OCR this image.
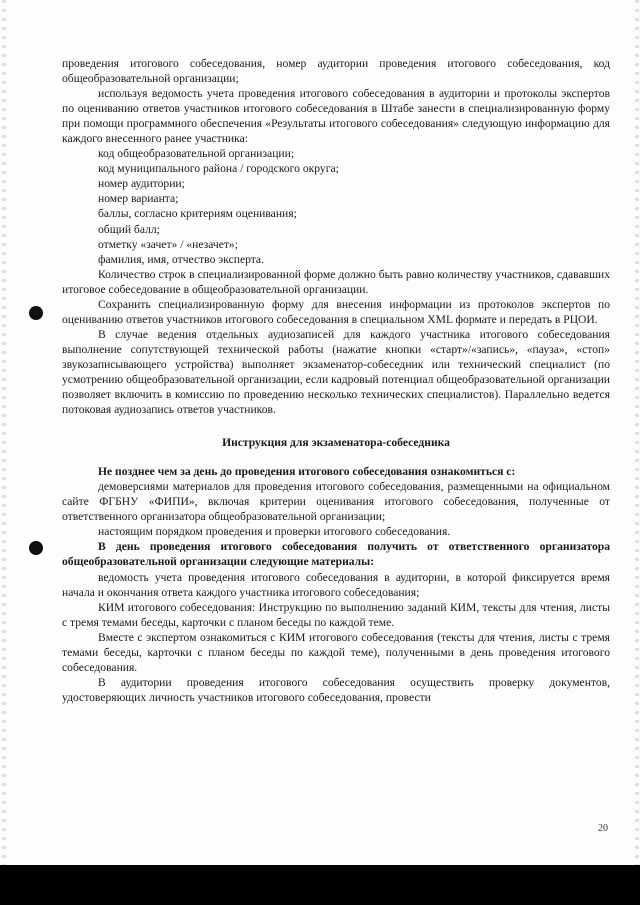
проведения итогового собеседования, номер аудитории проведения итогового собеседования, код общеобразовательной организации;

используя ведомость учета проведения итогового собеседования в аудитории и протоколы экспертов по оцениванию ответов участников итогового собеседования в Штабе занести в специализированную форму при помощи программного обеспечения «Результаты итогового собеседования» следующую информацию для каждого внесенного ранее участника:

код общеобразовательной организации;

код муниципального района / городского округа;

номер аудитории;

номер варианта;

баллы, согласно критериям оценивания;

общий балл;

отметку «зачет» / «незачет»;

фамилия, имя, отчество эксперта.

Количество строк в специализированной форме должно быть равно количеству участников, сдававших итоговое собеседование в общеобразовательной организации.

Сохранить специализированную форму для внесения информации из протоколов экспертов по оцениванию ответов участников итогового собеседования в специальном XML формате и передать в РЦОИ.

В случае ведения отдельных аудиозаписей для каждого участника итогового собеседования выполнение сопутствующей технической работы (нажатие кнопки «старт»/«запись», «пауза», «стоп» звукозаписывающего устройства) выполняет экзаменатор-собеседник или технический специалист (по усмотрению общеобразовательной организации, если кадровый потенциал общеобразовательной организации позволяет включить в комиссию по проведению несколько технических специалистов). Параллельно ведется потоковая аудиозапись ответов участников.

Инструкция для экзаменатора-собеседника

Не позднее чем за день до проведения итогового собеседования ознакомиться с:

демоверсиями материалов для проведения итогового собеседования, размещенными на официальном сайте ФГБНУ «ФИПИ», включая критерии оценивания итогового собеседования, полученные от ответственного организатора общеобразовательной организации;

настоящим порядком проведения и проверки итогового собеседования.

В день проведения итогового собеседования получить от ответственного организатора общеобразовательной организации следующие материалы:

ведомость учета проведения итогового собеседования в аудитории, в которой фиксируется время начала и окончания ответа каждого участника итогового собеседования;

КИМ итогового собеседования: Инструкцию по выполнению заданий КИМ, тексты для чтения, листы с тремя темами беседы, карточки с планом беседы по каждой теме.

Вместе с экспертом ознакомиться с КИМ итогового собеседования (тексты для чтения, листы с тремя темами беседы, карточки с планом беседы по каждой теме), полученными в день проведения итогового собеседования.

В аудитории проведения итогового собеседования осуществить проверку документов, удостоверяющих личность участников итогового собеседования, провести

20
